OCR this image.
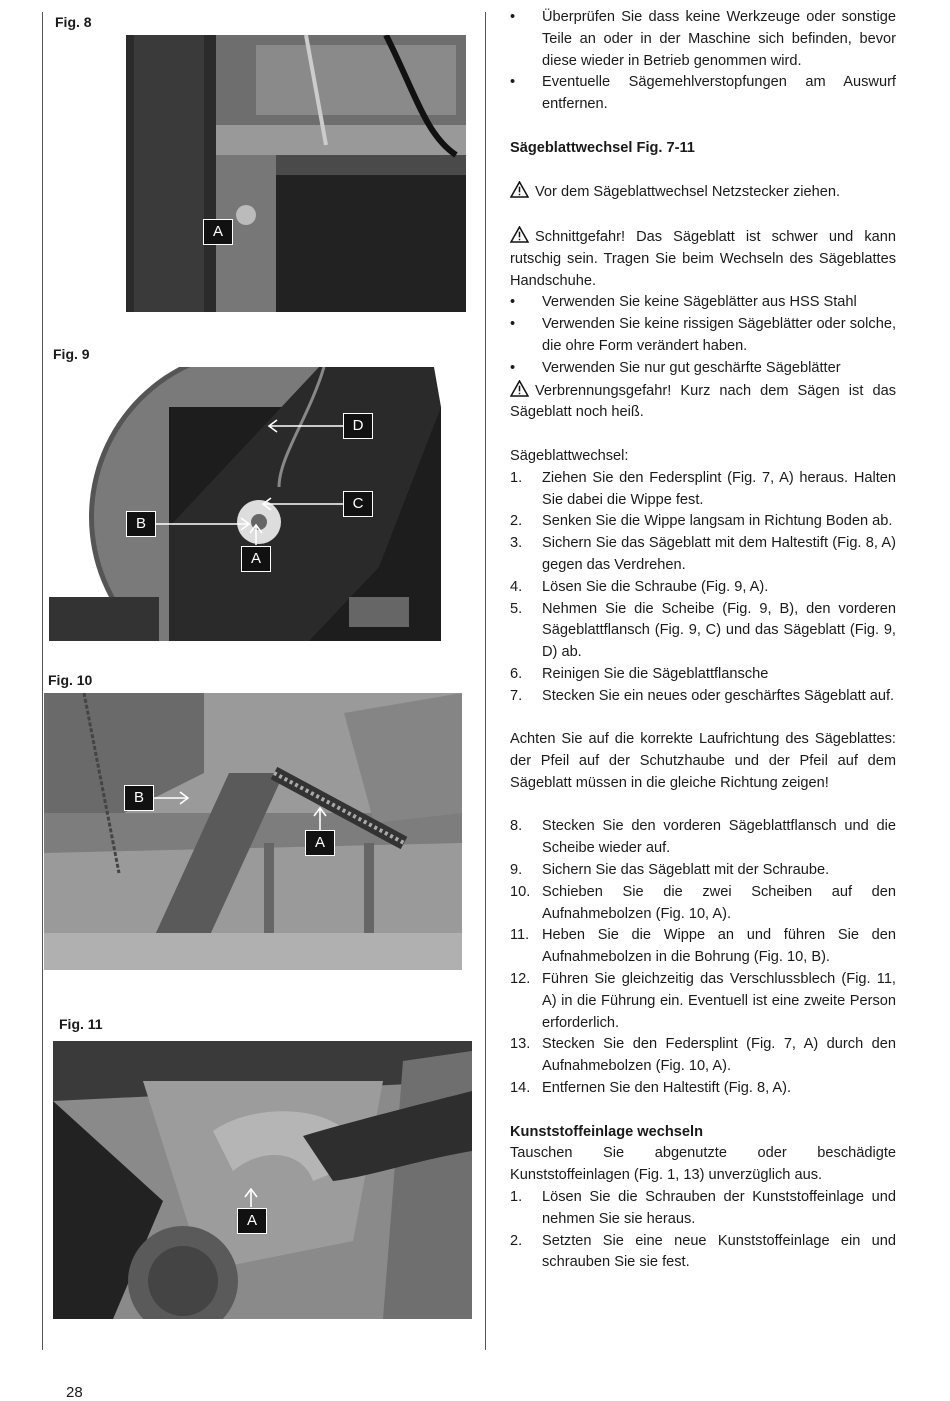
Fig. 8
A
Fig. 9
D
C
B
A
Fig. 10
B
A
Fig. 11
A
• Überprüfen Sie dass keine Werkzeuge oder sonstige Teile an oder in der Maschine sich befinden, bevor diese wieder in Betrieb genommen wird.
• Eventuelle Sägemehlverstopfungen am Auswurf entfernen.

Sägeblattwechsel Fig. 7-11

Vor dem Sägeblattwechsel Netzstecker ziehen.

Schnittgefahr! Das Sägeblatt ist schwer und kann rutschig sein. Tragen Sie beim Wechseln des Sägeblattes Handschuhe.

• Verwenden Sie keine Sägeblätter aus HSS Stahl
• Verwenden Sie keine rissigen Sägeblätter oder solche, die ohre Form verändert haben.
• Verwenden Sie nur gut geschärfte Sägeblätter

Verbrennungsgefahr! Kurz nach dem Sägen ist das Sägeblatt noch heiß.

Sägeblattwechsel:

1. Ziehen Sie den Federsplint (Fig. 7, A) heraus. Halten Sie dabei die Wippe fest.
2. Senken Sie die Wippe langsam in Richtung Boden ab.
3. Sichern Sie das Sägeblatt mit dem Haltestift (Fig. 8, A) gegen das Verdrehen.
4. Lösen Sie die Schraube (Fig. 9, A).
5. Nehmen Sie die Scheibe (Fig. 9, B), den vorderen Sägeblattflansch (Fig. 9, C) und das Sägeblatt (Fig. 9, D) ab.
6. Reinigen Sie die Sägeblattflansche
7. Stecken Sie ein neues oder geschärftes Sägeblatt auf.

Achten Sie auf die korrekte Laufrichtung des Sägeblattes: der Pfeil auf der Schutzhaube und der Pfeil auf dem Sägeblatt müssen in die gleiche Richtung zeigen!

8. Stecken Sie den vorderen Sägeblattflansch und die Scheibe wieder auf.
9. Sichern Sie das Sägeblatt mit der Schraube.
10. Schieben Sie die zwei Scheiben auf den Aufnahmebolzen (Fig. 10, A).
11. Heben Sie die Wippe an und führen Sie den Aufnahmebolzen in die Bohrung (Fig. 10, B).
12. Führen Sie gleichzeitig das Verschlussblech (Fig. 11, A) in die Führung ein. Eventuell ist eine zweite Person erforderlich.
13. Stecken Sie den Federsplint (Fig. 7, A) durch den Aufnahmebolzen (Fig. 10, A).
14. Entfernen Sie den Haltestift (Fig. 8, A).

Kunststoffeinlage wechseln

Tauschen Sie abgenutzte oder beschädigte Kunststoffeinlagen (Fig. 1, 13) unverzüglich aus.

1. Lösen Sie die Schrauben der Kunststoffeinlage und nehmen Sie sie heraus.
2. Setzten Sie eine neue Kunststoffeinlage ein und schrauben Sie sie fest.
28
